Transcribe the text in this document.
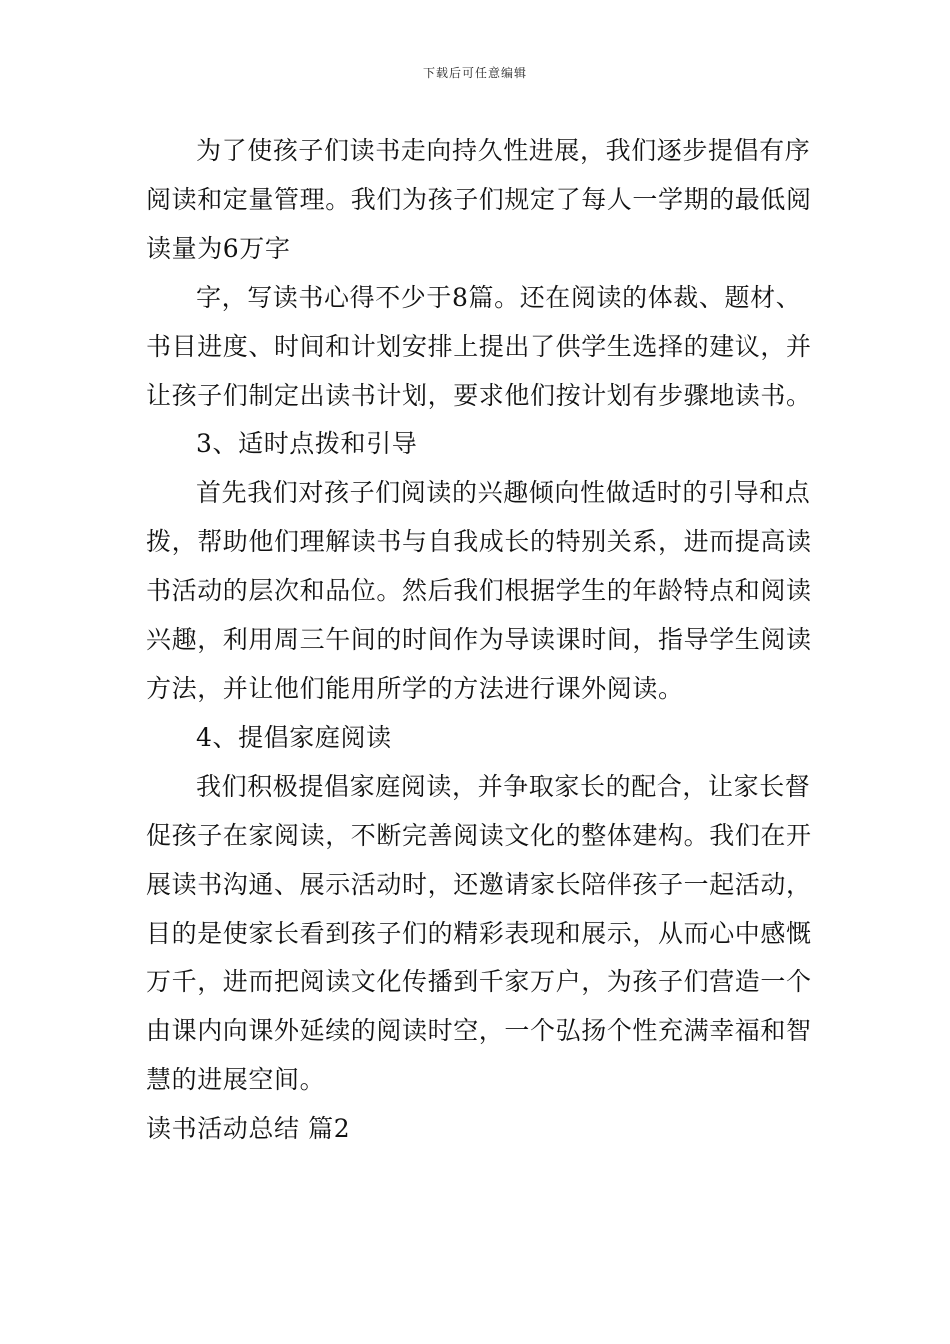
下载后可任意编辑

为了使孩子们读书走向持久性进展，我们逐步提倡有序阅读和定量管理。我们为孩子们规定了每人一学期的最低阅读量为6万字

字，写读书心得不少于8篇。还在阅读的体裁、题材、书目进度、时间和计划安排上提出了供学生选择的建议，并让孩子们制定出读书计划，要求他们按计划有步骤地读书。

3、适时点拨和引导

首先我们对孩子们阅读的兴趣倾向性做适时的引导和点拨，帮助他们理解读书与自我成长的特别关系，进而提高读书活动的层次和品位。然后我们根据学生的年龄特点和阅读兴趣，利用周三午间的时间作为导读课时间，指导学生阅读方法，并让他们能用所学的方法进行课外阅读。

4、提倡家庭阅读

我们积极提倡家庭阅读，并争取家长的配合，让家长督促孩子在家阅读，不断完善阅读文化的整体建构。我们在开展读书沟通、展示活动时，还邀请家长陪伴孩子一起活动，目的是使家长看到孩子们的精彩表现和展示，从而心中感慨万千，进而把阅读文化传播到千家万户，为孩子们营造一个由课内向课外延续的阅读时空，一个弘扬个性充满幸福和智慧的进展空间。

读书活动总结 篇2
